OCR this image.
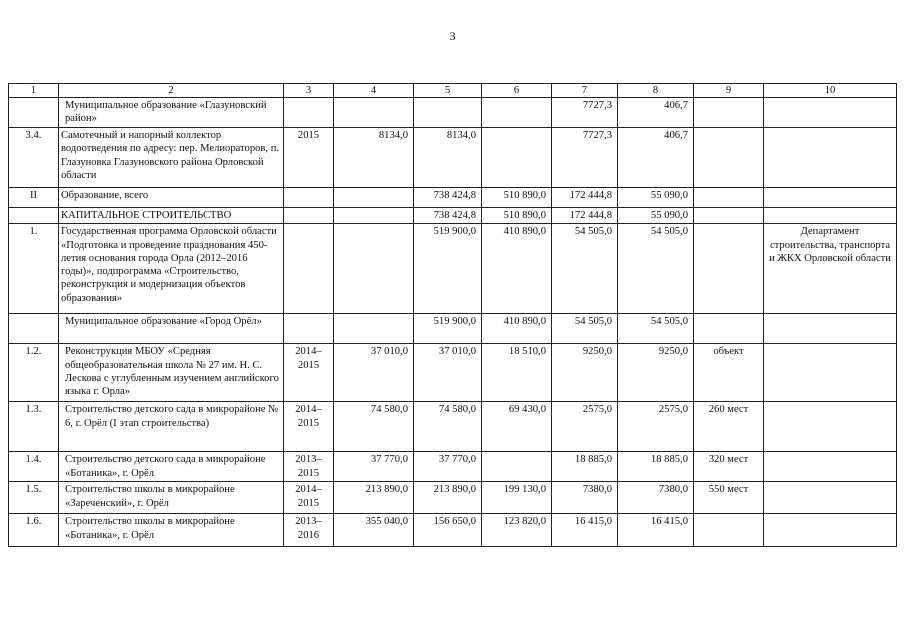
3
1	2	3	4	5	6	7	8	9	10
	Муниципальное образование «Глазуновский район»					7727,3	406,7		
3.4.	Самотечный и напорный коллектор водоотведения по адресу: пер. Мелиораторов, п. Глазуновка Глазуновского района Орловской области	2015	8134,0	8134,0		7727,3	406,7		
II	Образование, всего			738 424,8	510 890,0	172 444,8	55 090,0		
	КАПИТАЛЬНОЕ СТРОИТЕЛЬСТВО			738 424,8	510 890,0	172 444,8	55 090,0		
1.	Государственная программа Орловской области «Подготовка и проведение празднования 450-летия основания города Орла (2012–2016 годы)», подпрограмма «Строительство, реконструкция и модернизация объектов образования»			519 900,0	410 890,0	54 505,0	54 505,0		Департамент строительства, транспорта и ЖКХ Орловской области
	Муниципальное образование «Город Орёл»			519 900,0	410 890,0	54 505,0	54 505,0		
1.2.	Реконструкция МБОУ «Средняя общеобразовательная школа № 27 им. Н. С. Лескова с углубленным изучением английского языка г. Орла»	2014–2015	37 010,0	37 010,0	18 510,0	9250,0	9250,0	объект	
1.3.	Строительство детского сада в микрорайоне № 6, г. Орёл (I этап строительства)	2014–2015	74 580,0	74 580,0	69 430,0	2575,0	2575,0	260 мест	
1.4.	Строительство детского сада в микрорайоне «Ботаника», г. Орёл	2013–2015	37 770,0	37 770,0		18 885,0	18 885,0	320 мест	
1.5.	Строительство школы в микрорайоне «Зареченский», г. Орёл	2014–2015	213 890,0	213 890,0	199 130,0	7380,0	7380,0	550 мест	
1.6.	Строительство школы в микрорайоне «Ботаника», г. Орёл	2013–2016	355 040,0	156 650,0	123 820,0	16 415,0	16 415,0		
